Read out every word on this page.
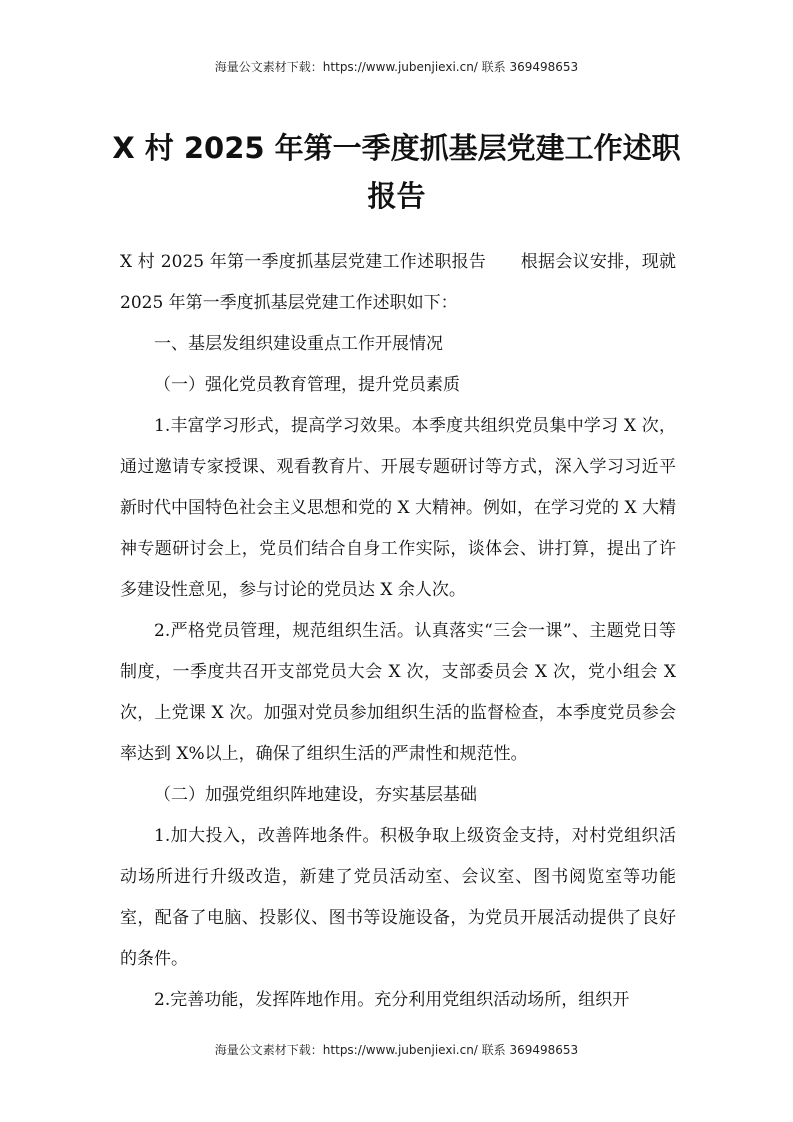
海量公文素材下载：https://www.jubenjiexi.cn/ 联系 369498653
X 村 2025 年第一季度抓基层党建工作述职
报告

X 村 2025 年第一季度抓基层党建工作述职报告　　根据会议安排，现就 2025 年第一季度抓基层党建工作述职如下：

一、基层发组织建设重点工作开展情况

（一）强化党员教育管理，提升党员素质

1.丰富学习形式，提高学习效果。本季度共组织党员集中学习 X 次，通过邀请专家授课、观看教育片、开展专题研讨等方式，深入学习习近平新时代中国特色社会主义思想和党的 X 大精神。例如，在学习党的 X 大精神专题研讨会上，党员们结合自身工作实际，谈体会、讲打算，提出了许多建设性意见，参与讨论的党员达 X 余人次。

2.严格党员管理，规范组织生活。认真落实“三会一课”、主题党日等制度，一季度共召开支部党员大会 X 次，支部委员会 X 次，党小组会 X 次，上党课 X 次。加强对党员参加组织生活的监督检查，本季度党员参会率达到 X%以上，确保了组织生活的严肃性和规范性。

（二）加强党组织阵地建设，夯实基层基础

1.加大投入，改善阵地条件。积极争取上级资金支持，对村党组织活动场所进行升级改造，新建了党员活动室、会议室、图书阅览室等功能室，配备了电脑、投影仪、图书等设施设备，为党员开展活动提供了良好的条件。

2.完善功能，发挥阵地作用。充分利用党组织活动场所，组织开

海量公文素材下载：https://www.jubenjiexi.cn/ 联系 369498653
